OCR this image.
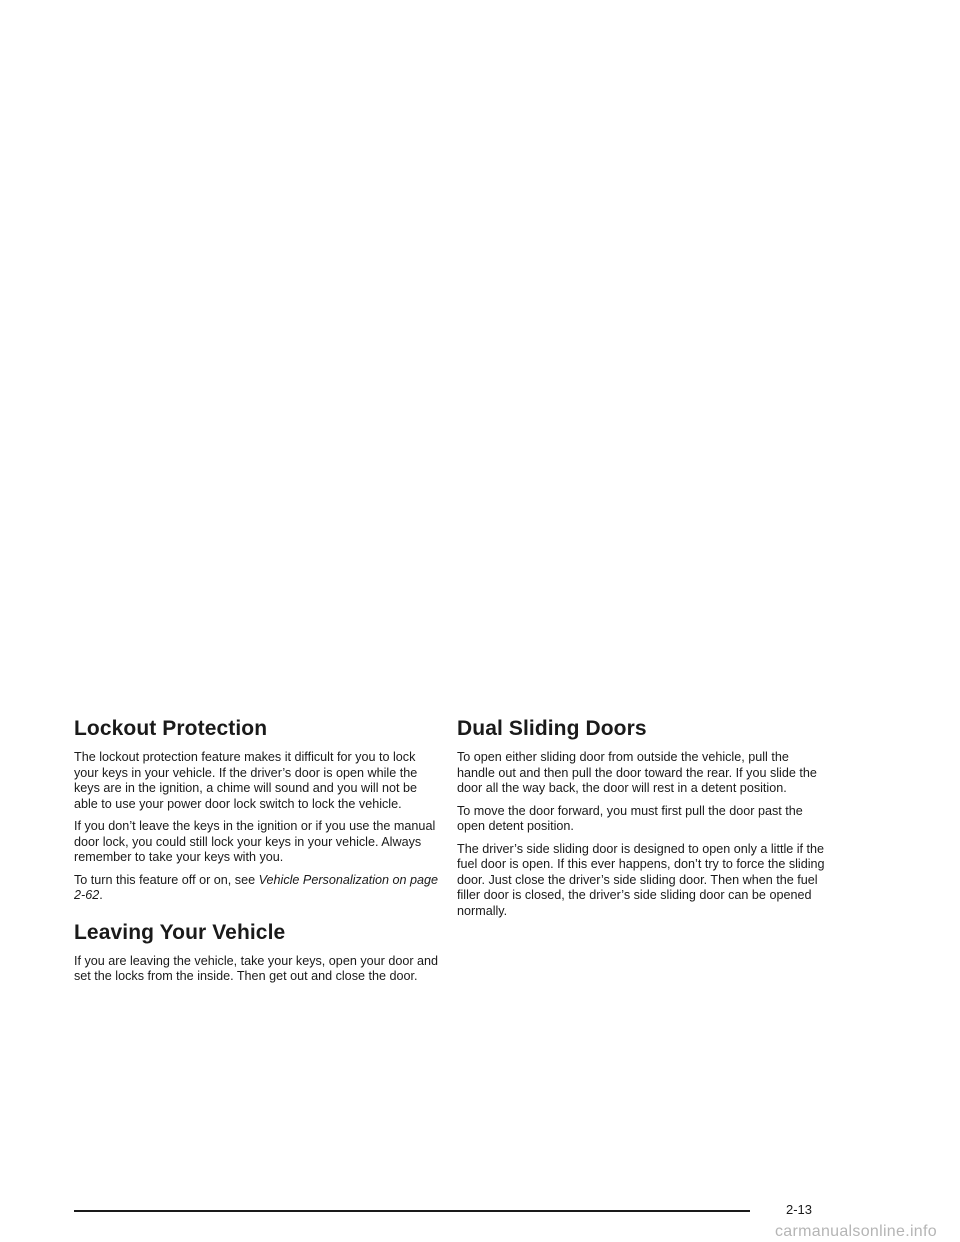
Lockout Protection

The lockout protection feature makes it difficult for you to lock your keys in your vehicle. If the driver’s door is open while the keys are in the ignition, a chime will sound and you will not be able to use your power door lock switch to lock the vehicle.

If you don’t leave the keys in the ignition or if you use the manual door lock, you could still lock your keys in your vehicle. Always remember to take your keys with you.

To turn this feature off or on, see Vehicle Personalization on page 2-62.

Leaving Your Vehicle

If you are leaving the vehicle, take your keys, open your door and set the locks from the inside. Then get out and close the door.

Dual Sliding Doors

To open either sliding door from outside the vehicle, pull the handle out and then pull the door toward the rear. If you slide the door all the way back, the door will rest in a detent position.

To move the door forward, you must first pull the door past the open detent position.

The driver’s side sliding door is designed to open only a little if the fuel door is open. If this ever happens, don’t try to force the sliding door. Just close the driver’s side sliding door. Then when the fuel filler door is closed, the driver’s side sliding door can be opened normally.

2-13
carmanualsonline.info
